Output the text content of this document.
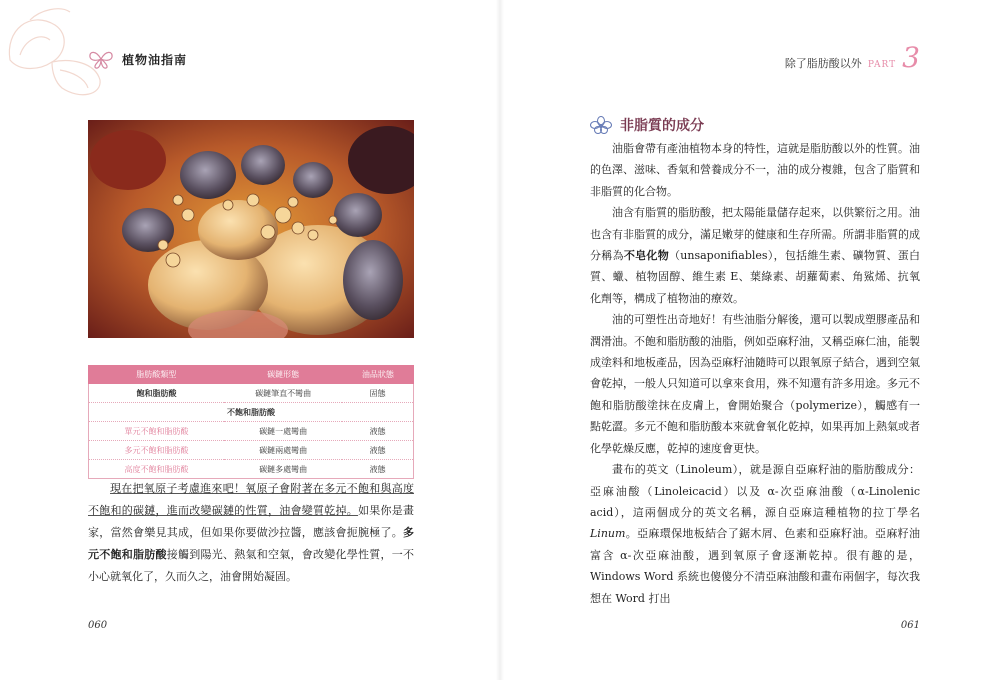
植物油指南
脂肪酸類型	碳鏈形態	油品狀態
飽和脂肪酸	碳鏈筆直不彎曲	固態
不飽和脂肪酸		
單元不飽和脂肪酸	碳鏈一處彎曲	液態
多元不飽和脂肪酸	碳鏈兩處彎曲	液態
高度不飽和脂肪酸	碳鏈多處彎曲	液態

現在把氧原子考慮進來吧！氧原子會附著在多元不飽和與高度不飽和的碳鏈，進而改變碳鏈的性質，油會變質乾掉。如果你是畫家，當然會樂見其成，但如果你要做沙拉醬，應該會扼腕極了。多元不飽和脂肪酸接觸到陽光、熱氣和空氣，會改變化學性質，一不小心就氧化了，久而久之，油會開始凝固。

060
除了脂肪酸以外 PART 3
非脂質的成分

油脂會帶有產油植物本身的特性，這就是脂肪酸以外的性質。油的色澤、滋味、香氣和營養成分不一，油的成分複雜，包含了脂質和非脂質的化合物。

油含有脂質的脂肪酸，把太陽能量儲存起來，以供繁衍之用。油也含有非脂質的成分，滿足嫩芽的健康和生存所需。所謂非脂質的成分稱為不皂化物（unsaponifiables），包括維生素、礦物質、蛋白質、蠟、植物固醇、維生素 E、葉綠素、胡蘿蔔素、角鯊烯、抗氧化劑等，構成了植物油的療效。

油的可塑性出奇地好！有些油脂分解後，還可以製成塑膠產品和潤滑油。不飽和脂肪酸的油脂，例如亞麻籽油，又稱亞麻仁油，能製成塗料和地板產品，因為亞麻籽油隨時可以跟氧原子結合，遇到空氣會乾掉，一般人只知道可以拿來食用，殊不知還有許多用途。多元不飽和脂肪酸塗抹在皮膚上，會開始聚合（polymerize），觸感有一點乾澀。多元不飽和脂肪酸本來就會氧化乾掉，如果再加上熱氣或者化學乾燥反應，乾掉的速度會更快。

畫布的英文（Linoleum），就是源自亞麻籽油的脂肪酸成分：亞麻油酸（Linoleicacid）以及 α-次亞麻油酸（α-Linolenic acid），這兩個成分的英文名稱，源自亞麻這種植物的拉丁學名 Linum。亞麻環保地板結合了鋸木屑、色素和亞麻籽油。亞麻籽油富含 α-次亞麻油酸，遇到氧原子會逐漸乾掉。很有趣的是，Windows Word 系統也傻傻分不清亞麻油酸和畫布兩個字，每次我想在 Word 打出

061
